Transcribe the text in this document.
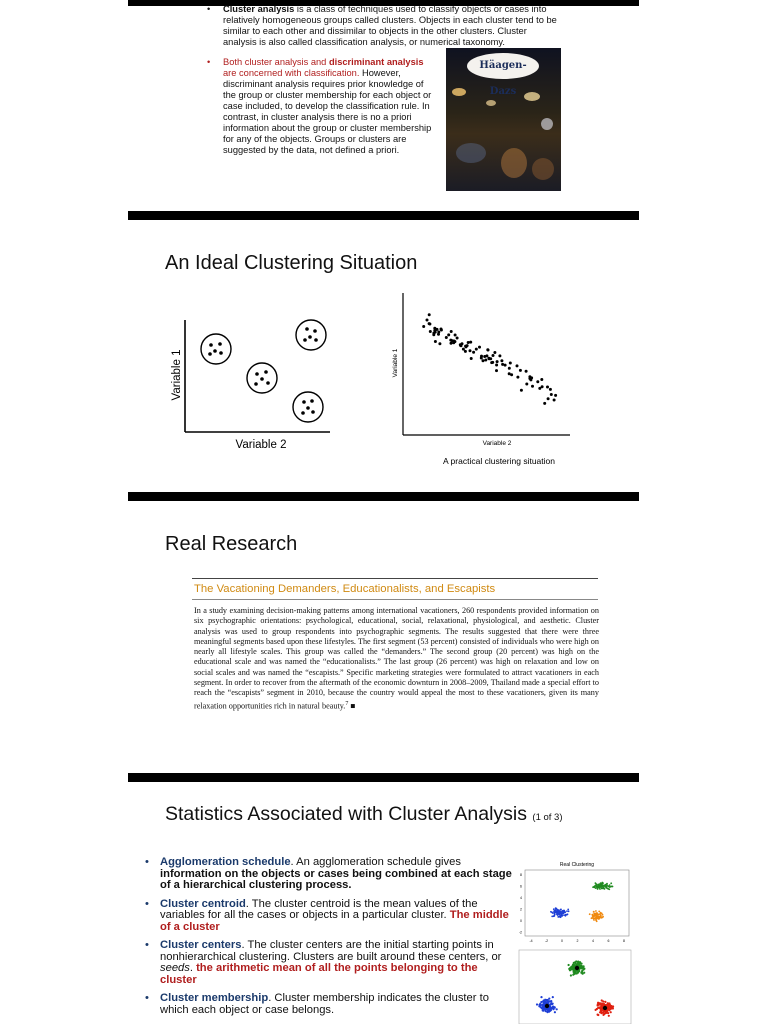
• Cluster analysis is a class of techniques used to classify objects or cases into relatively homogeneous groups called clusters. Objects in each cluster tend to be similar to each other and dissimilar to objects in the other clusters. Cluster analysis is also called classification analysis, or numerical taxonomy.
• Both cluster analysis and discriminant analysis are concerned with classification. However, discriminant analysis requires prior knowledge of the group or cluster membership for each object or case included, to develop the classification rule. In contrast, in cluster analysis there is no a priori information about the group or cluster membership for any of the objects. Groups or clusters are suggested by the data, not defined a priori.
Häagen-Dazs
An Ideal Clustering Situation
Variable 1
Variable 2
Variable 1
Variable 2
A practical clustering situation
Real Research
The Vacationing Demanders, Educationalists, and Escapists
In a study examining decision-making patterns among international vacationers, 260 respondents provided information on six psychographic orientations: psychological, educational, social, relaxational, physiological, and aesthetic. Cluster analysis was used to group respondents into psychographic segments. The results suggested that there were three meaningful segments based upon these lifestyles. The first segment (53 percent) consisted of individuals who were high on nearly all lifestyle scales. This group was called the “demanders.” The second group (20 percent) was high on the educational scale and was named the “educationalists.” The last group (26 percent) was high on relaxation and low on social scales and was named the “escapists.” Specific marketing strategies were formulated to attract vacationers in each segment. In order to recover from the aftermath of the economic downturn in 2008–2009, Thailand made a special effort to reach the “escapists” segment in 2010, because the country would appeal the most to these vacationers, given its many relaxation opportunities rich in natural beauty.$^7$ ■
Statistics Associated with Cluster Analysis (1 of 3)
• Agglomeration schedule. An agglomeration schedule gives information on the objects or cases being combined at each stage of a hierarchical clustering process.
• Cluster centroid. The cluster centroid is the mean values of the variables for all the cases or objects in a particular cluster. The middle of a cluster
• Cluster centers. The cluster centers are the initial starting points in nonhierarchical clustering. Clusters are built around these centers, or seeds. the arithmetic mean of all the points belonging to the cluster
• Cluster membership. Cluster membership indicates the cluster to which each object or case belongs.
Real Clustering
8
6
4
2
0
-2
-4	-2	0	2	4	6	8
